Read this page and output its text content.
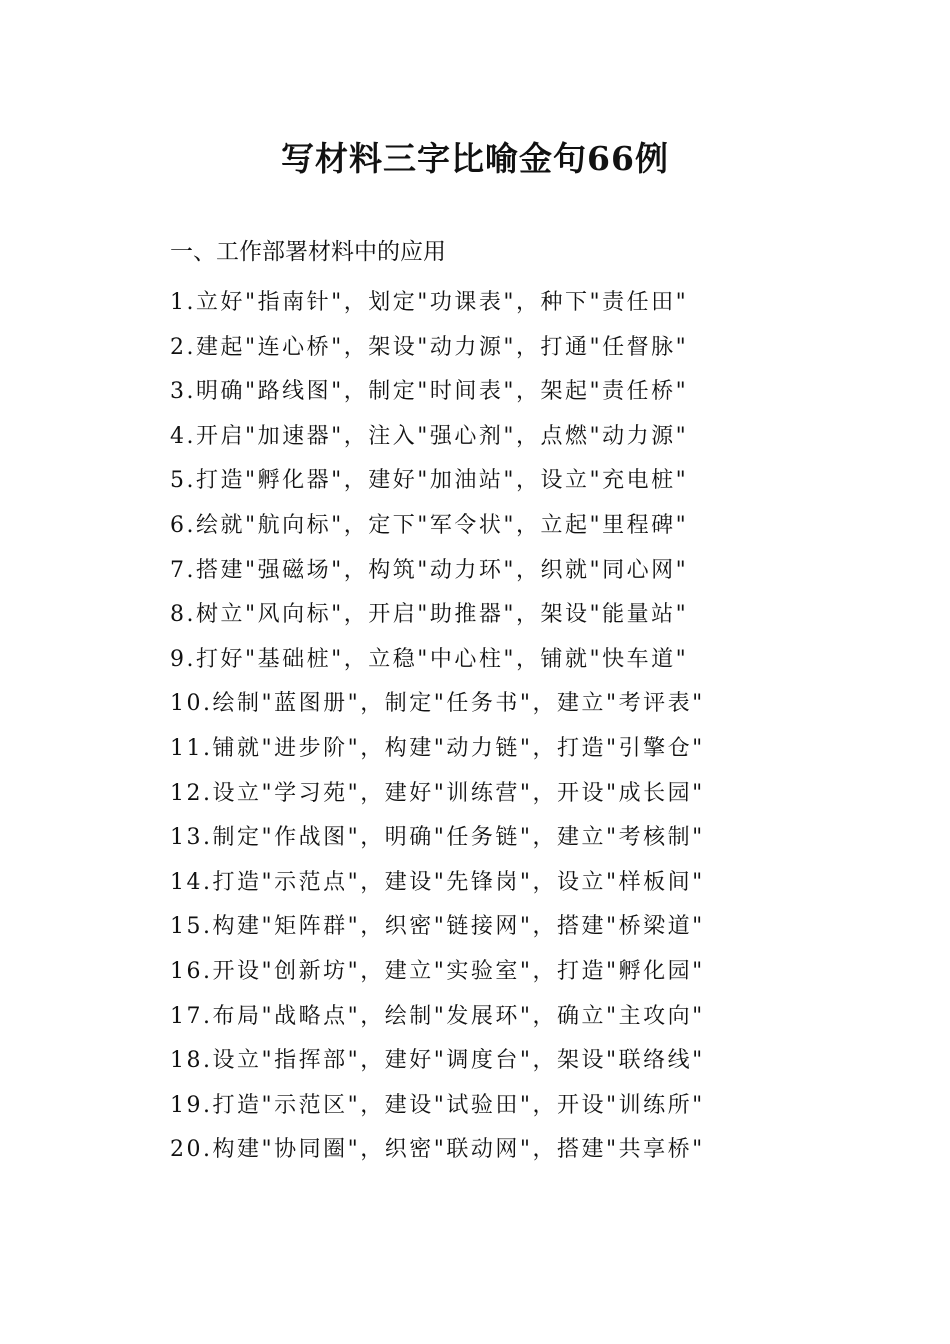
写材料三字比喻金句66例
一、工作部署材料中的应用
1.立好"指南针"，划定"功课表"，种下"责任田"
2.建起"连心桥"，架设"动力源"，打通"任督脉"
3.明确"路线图"，制定"时间表"，架起"责任桥"
4.开启"加速器"，注入"强心剂"，点燃"动力源"
5.打造"孵化器"，建好"加油站"，设立"充电桩"
6.绘就"航向标"，定下"军令状"，立起"里程碑"
7.搭建"强磁场"，构筑"动力环"，织就"同心网"
8.树立"风向标"，开启"助推器"，架设"能量站"
9.打好"基础桩"，立稳"中心柱"，铺就"快车道"
10.绘制"蓝图册"，制定"任务书"，建立"考评表"
11.铺就"进步阶"，构建"动力链"，打造"引擎仓"
12.设立"学习苑"，建好"训练营"，开设"成长园"
13.制定"作战图"，明确"任务链"，建立"考核制"
14.打造"示范点"，建设"先锋岗"，设立"样板间"
15.构建"矩阵群"，织密"链接网"，搭建"桥梁道"
16.开设"创新坊"，建立"实验室"，打造"孵化园"
17.布局"战略点"，绘制"发展环"，确立"主攻向"
18.设立"指挥部"，建好"调度台"，架设"联络线"
19.打造"示范区"，建设"试验田"，开设"训练所"
20.构建"协同圈"，织密"联动网"，搭建"共享桥"
